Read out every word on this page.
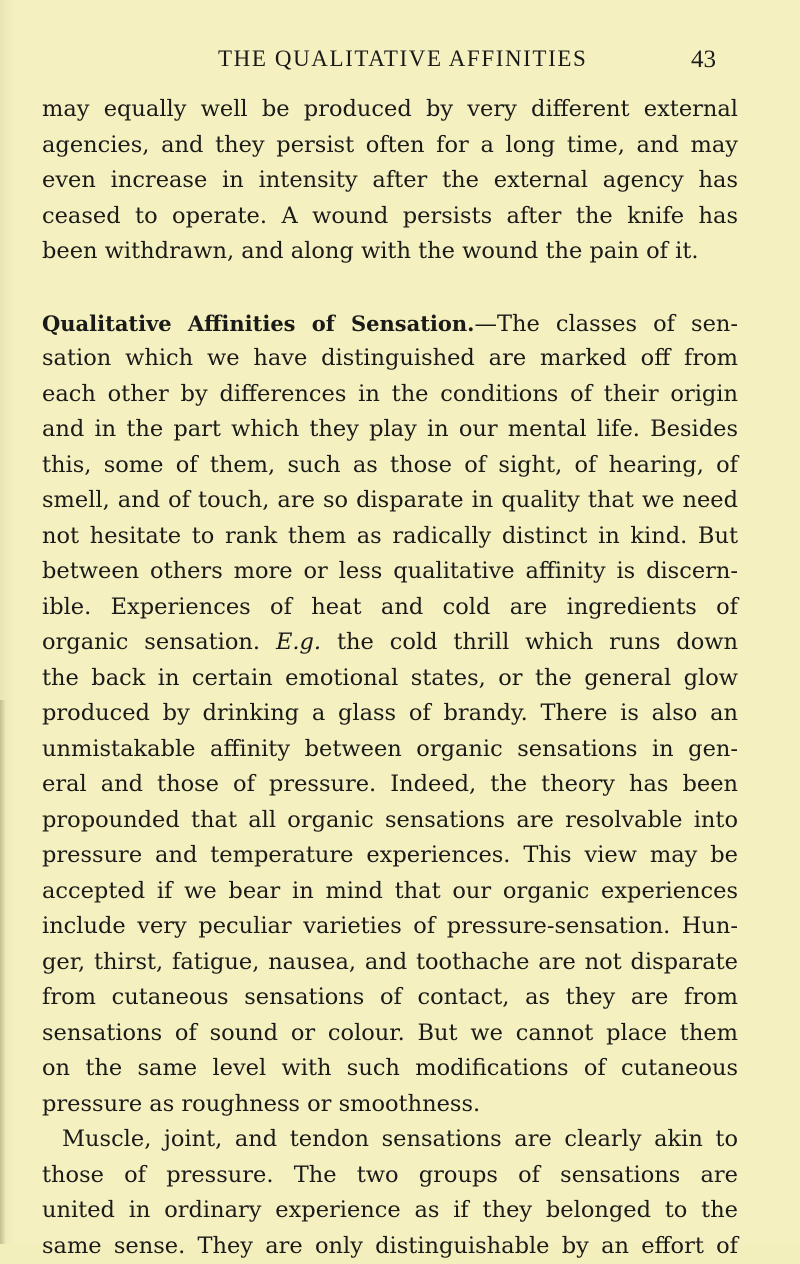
THE QUALITATIVE AFFINITIES	43
may equally well be produced by very different external
agencies, and they persist often for a long time, and may
even increase in intensity after the external agency has
ceased to operate. A wound persists after the knife has
been withdrawn, and along with the wound the pain of it.
Qualitative Affinities of Sensation.—The classes of sen-
sation which we have distinguished are marked off from
each other by differences in the conditions of their origin
and in the part which they play in our mental life. Besides
this, some of them, such as those of sight, of hearing, of
smell, and of touch, are so disparate in quality that we need
not hesitate to rank them as radically distinct in kind. But
between others more or less qualitative affinity is discern-
ible. Experiences of heat and cold are ingredients of
organic sensation. E.g. the cold thrill which runs down
the back in certain emotional states, or the general glow
produced by drinking a glass of brandy. There is also an
unmistakable affinity between organic sensations in gen-
eral and those of pressure. Indeed, the theory has been
propounded that all organic sensations are resolvable into
pressure and temperature experiences. This view may be
accepted if we bear in mind that our organic experiences
include very peculiar varieties of pressure-sensation. Hun-
ger, thirst, fatigue, nausea, and toothache are not disparate
from cutaneous sensations of contact, as they are from
sensations of sound or colour. But we cannot place them
on the same level with such modifications of cutaneous
pressure as roughness or smoothness.
Muscle, joint, and tendon sensations are clearly akin to
those of pressure. The two groups of sensations are
united in ordinary experience as if they belonged to the
same sense. They are only distinguishable by an effort of
